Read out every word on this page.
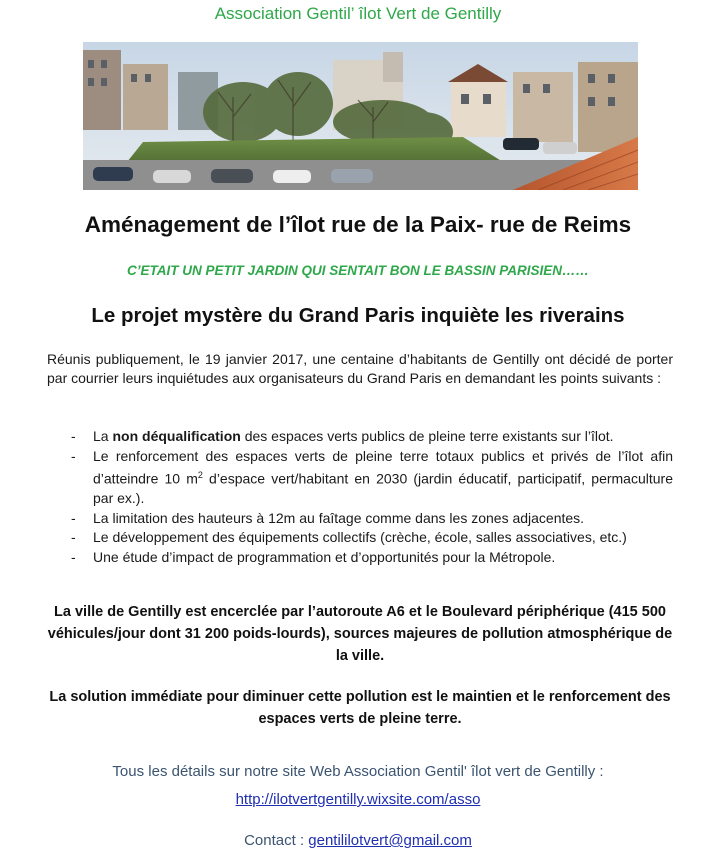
Association Gentil’ îlot Vert de Gentilly
Aménagement de l’îlot rue de la Paix- rue de Reims
C’ETAIT UN PETIT JARDIN QUI SENTAIT BON LE BASSIN PARISIEN……
Le projet mystère du Grand Paris inquiète les riverains
Réunis publiquement, le 19 janvier 2017, une centaine d’habitants de Gentilly ont décidé de porter par courrier leurs inquiétudes aux organisateurs du Grand Paris en demandant les points suivants :
- La non déqualification des espaces verts publics de pleine terre existants sur l’îlot.
- Le renforcement des espaces verts de pleine terre totaux publics et privés de l’îlot afin d’atteindre 10 $m^2$ d’espace vert/habitant en 2030 (jardin éducatif, participatif, permaculture par ex.).
- La limitation des hauteurs à 12m au faîtage comme dans les zones adjacentes.
- Le développement des équipements collectifs (crèche, école, salles associatives, etc.)
- Une étude d’impact de programmation et d’opportunités pour la Métropole.
La ville de Gentilly est encerclée par l’autoroute A6 et le Boulevard périphérique (415 500 véhicules/jour dont 31 200 poids-lourds), sources majeures de pollution atmosphérique de la ville.
La solution immédiate pour diminuer cette pollution est le maintien et le renforcement des espaces verts de pleine terre.
Tous les détails sur notre site Web Association Gentil' îlot vert de Gentilly :
http://ilotvertgentilly.wixsite.com/asso
Contact : gentililotvert@gmail.com
